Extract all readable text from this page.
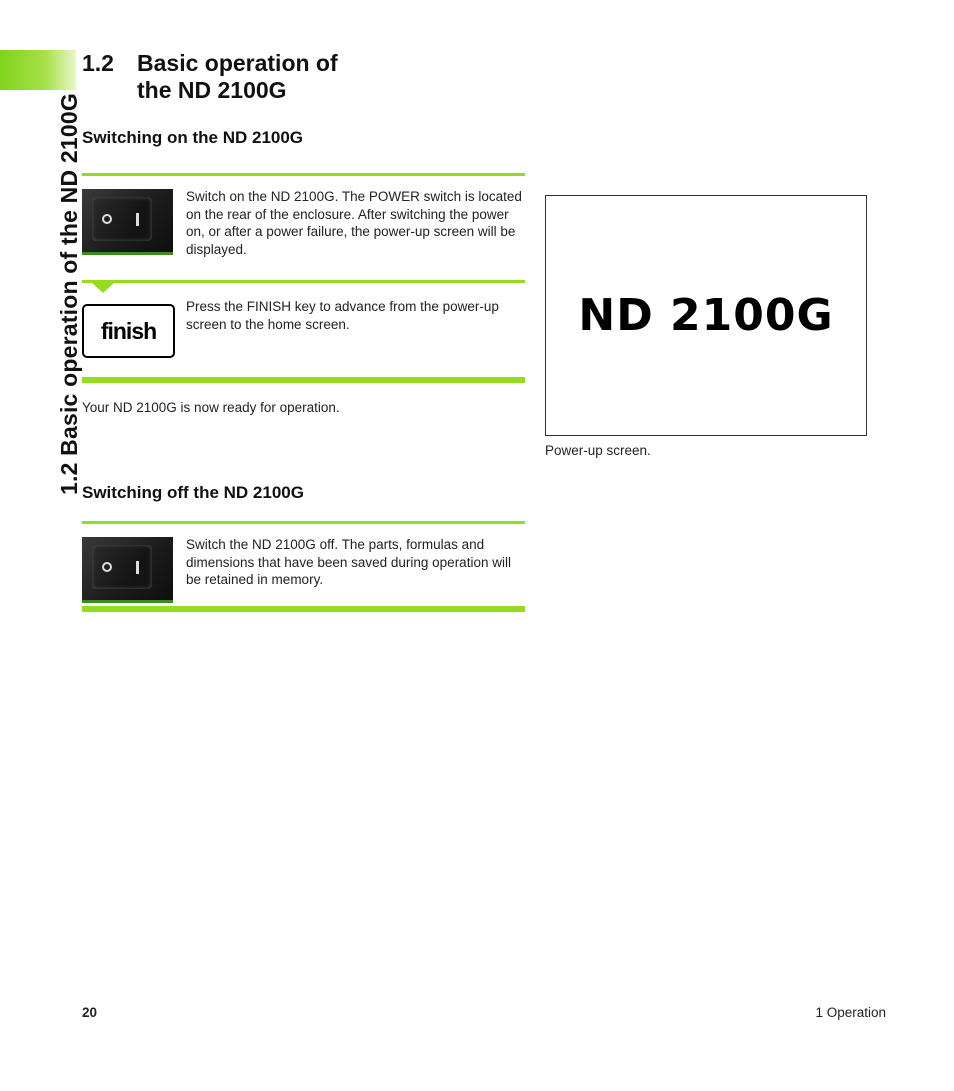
1.2 Basic operation of the ND 2100G
1.2 Basic operation of
the ND 2100G
Switching on the ND 2100G
Switch on the ND 2100G. The POWER switch is located on the rear of the enclosure. After switching the power on, or after a power failure, the power-up screen will be displayed.
finish
Press the FINISH key to advance from the power-up screen to the home screen.
Your ND 2100G is now ready for operation.
ND 2100G
Power-up screen.
Switching off the ND 2100G
Switch the ND 2100G off. The parts, formulas and dimensions that have been saved during operation will be retained in memory.
20	1 Operation
